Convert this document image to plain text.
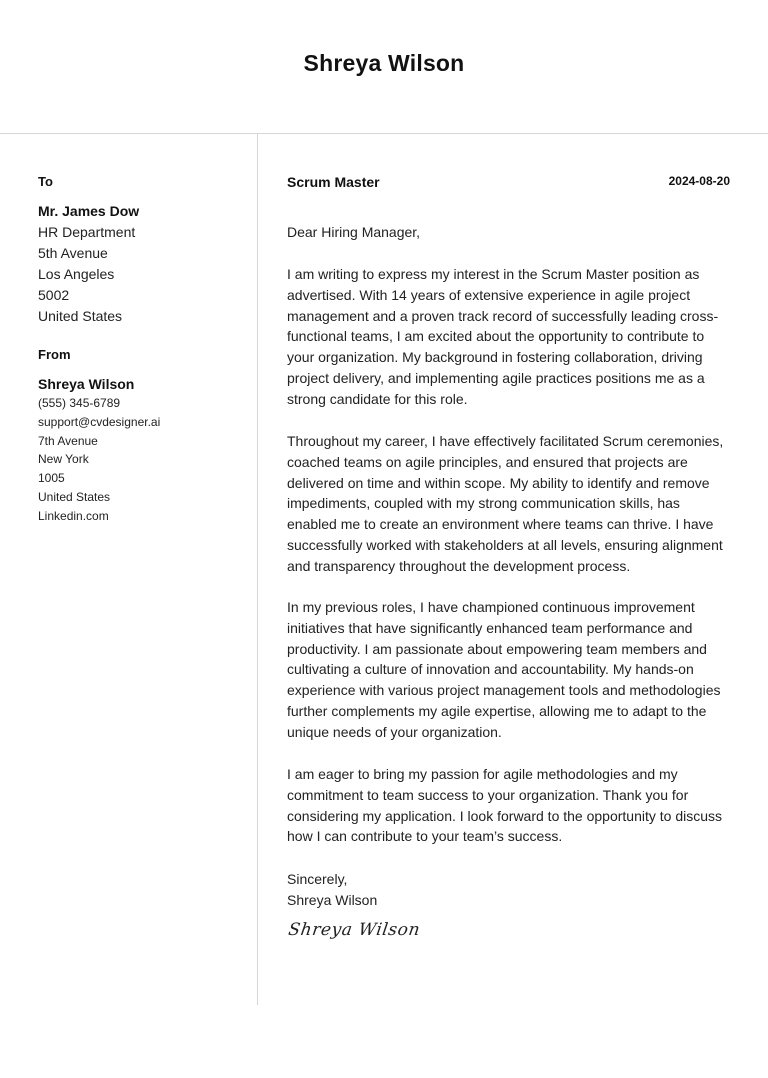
Shreya Wilson
To
Mr. James Dow
HR Department
5th Avenue
Los Angeles
5002
United States
From
Shreya Wilson
(555) 345-6789
support@cvdesigner.ai
7th Avenue
New York
1005
United States
Linkedin.com
Scrum Master	2024-08-20
Dear Hiring Manager,

I am writing to express my interest in the Scrum Master position as advertised. With 14 years of extensive experience in agile project management and a proven track record of successfully leading cross-functional teams, I am excited about the opportunity to contribute to your organization. My background in fostering collaboration, driving project delivery, and implementing agile practices positions me as a strong candidate for this role.

Throughout my career, I have effectively facilitated Scrum ceremonies, coached teams on agile principles, and ensured that projects are delivered on time and within scope. My ability to identify and remove impediments, coupled with my strong communication skills, has enabled me to create an environment where teams can thrive. I have successfully worked with stakeholders at all levels, ensuring alignment and transparency throughout the development process.

In my previous roles, I have championed continuous improvement initiatives that have significantly enhanced team performance and productivity. I am passionate about empowering team members and cultivating a culture of innovation and accountability. My hands-on experience with various project management tools and methodologies further complements my agile expertise, allowing me to adapt to the unique needs of your organization.

I am eager to bring my passion for agile methodologies and my commitment to team success to your organization. Thank you for considering my application. I look forward to the opportunity to discuss how I can contribute to your team’s success.

Sincerely,
Shreya Wilson
Shreya Wilson
